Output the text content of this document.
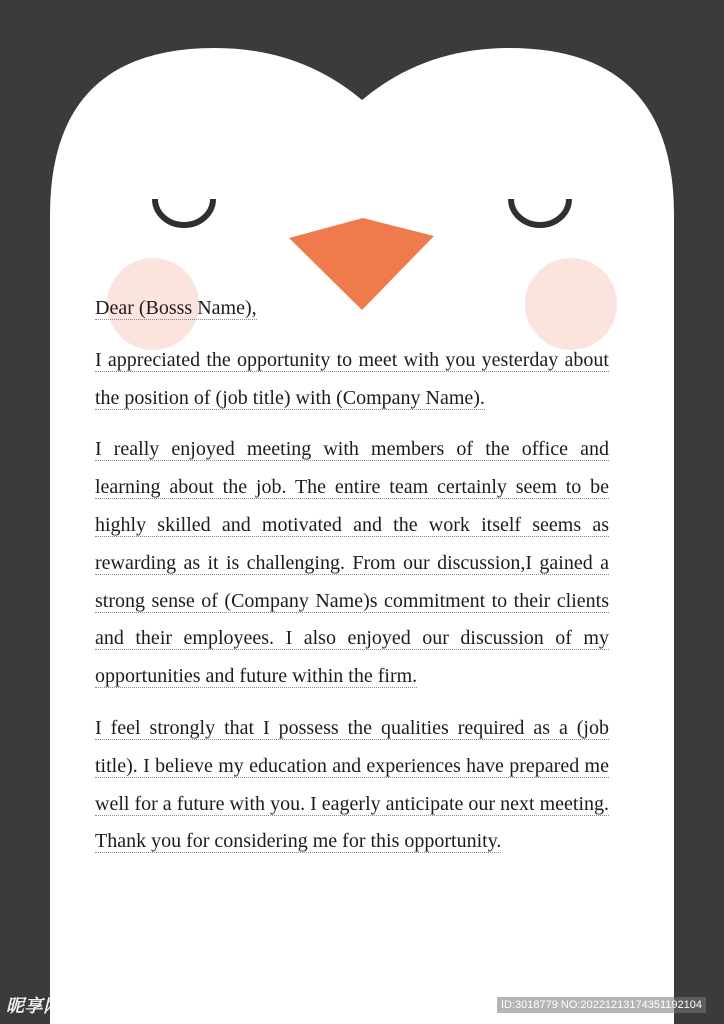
Dear (Bosss Name),

I appreciated the opportunity to meet with you yesterday about the position of (job title) with (Company Name).

I really enjoyed meeting with members of the office and learning about the job. The entire team certainly seem to be highly skilled and motivated and the work itself seems as rewarding as it is challenging. From our discussion,I gained a strong sense of (Company Name)s commitment to their clients and their employees. I also enjoyed our discussion of my opportunities and future within the firm.

I feel strongly that I possess the qualities required as a (job title). I believe my education and experiences have prepared me well for a future with you. I eagerly anticipate our next meeting. Thank you for considering me for this opportunity.

昵享网 www.nipic.cn	ID:3018779 NO:20221213174351192104
